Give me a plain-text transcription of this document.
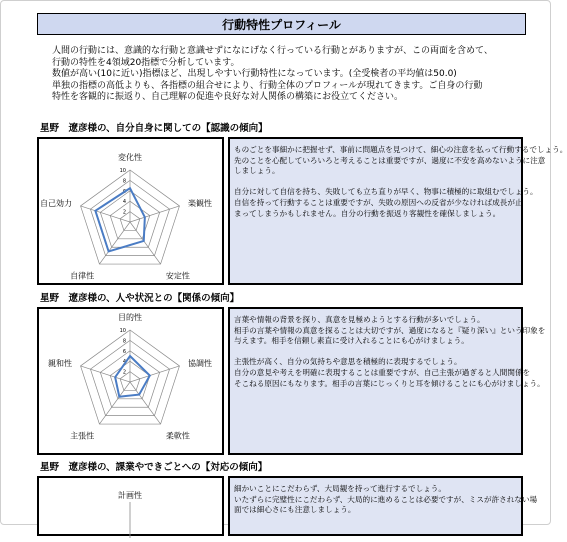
行動特性プロフィール

人間の行動には、意識的な行動と意識せずになにげなく行っている行動とがありますが、この両面を含めて、

行動の特性を4領域20指標で分析しています。

数値が高い(10に近い)指標ほど、出現しやすい行動特性になっています。(全受検者の平均値は50.0)

単独の指標の高低よりも、各指標の組合せにより、行動全体のプロフィールが現れてきます。ご自身の行動

特性を客観的に振返り、自己理解の促進や良好な対人関係の構築にお役立てください。

星野　遼彦様の、自分自身に関しての【認識の傾向】
10
8
6
4
2
変化性
楽観性
安定性
自律性
自己効力

ものごとを事細かに把握せず、事前に問題点を見つけて、細心の注意を払って行動するでしょう。

先のことを心配していろいろと考えることは重要ですが、過度に不安を高めないように注意

しましょう。

自分に対して自信を持ち、失敗しても立ち直りが早く、物事に積極的に取組むでしょう。

自信を持って行動することは重要ですが、失敗の原因への反省が少なければ成長が止

まってしまうかもしれません。自分の行動を振返り客観性を確保しましょう。

星野　遼彦様の、人や状況との【関係の傾向】
10
8
6
4
2
目的性
協調性
柔軟性
主張性
親和性

言葉や情報の背景を探り、真意を見極めようとする行動が多いでしょう。

相手の言葉や情報の真意を探ることは大切ですが、過度になると『疑り深い』という印象を

与えます。相手を信頼し素直に受け入れることにも心がけましょう。

主張性が高く、自分の気持ちや意思を積極的に表現するでしょう。

自分の意見や考えを明確に表現することは重要ですが、自己主張が過ぎると人間関係を

そこねる原因にもなります。相手の言葉にじっくりと耳を傾けることにも心がけましょう。

星野　遼彦様の、課業やできごとへの【対応の傾向】
計画性

細かいことにこだわらず、大局観を持って進行するでしょう。

いたずらに完璧性にこだわらず、大局的に進めることは必要ですが、ミスが許されない場

面では細心さにも注意しましょう。
